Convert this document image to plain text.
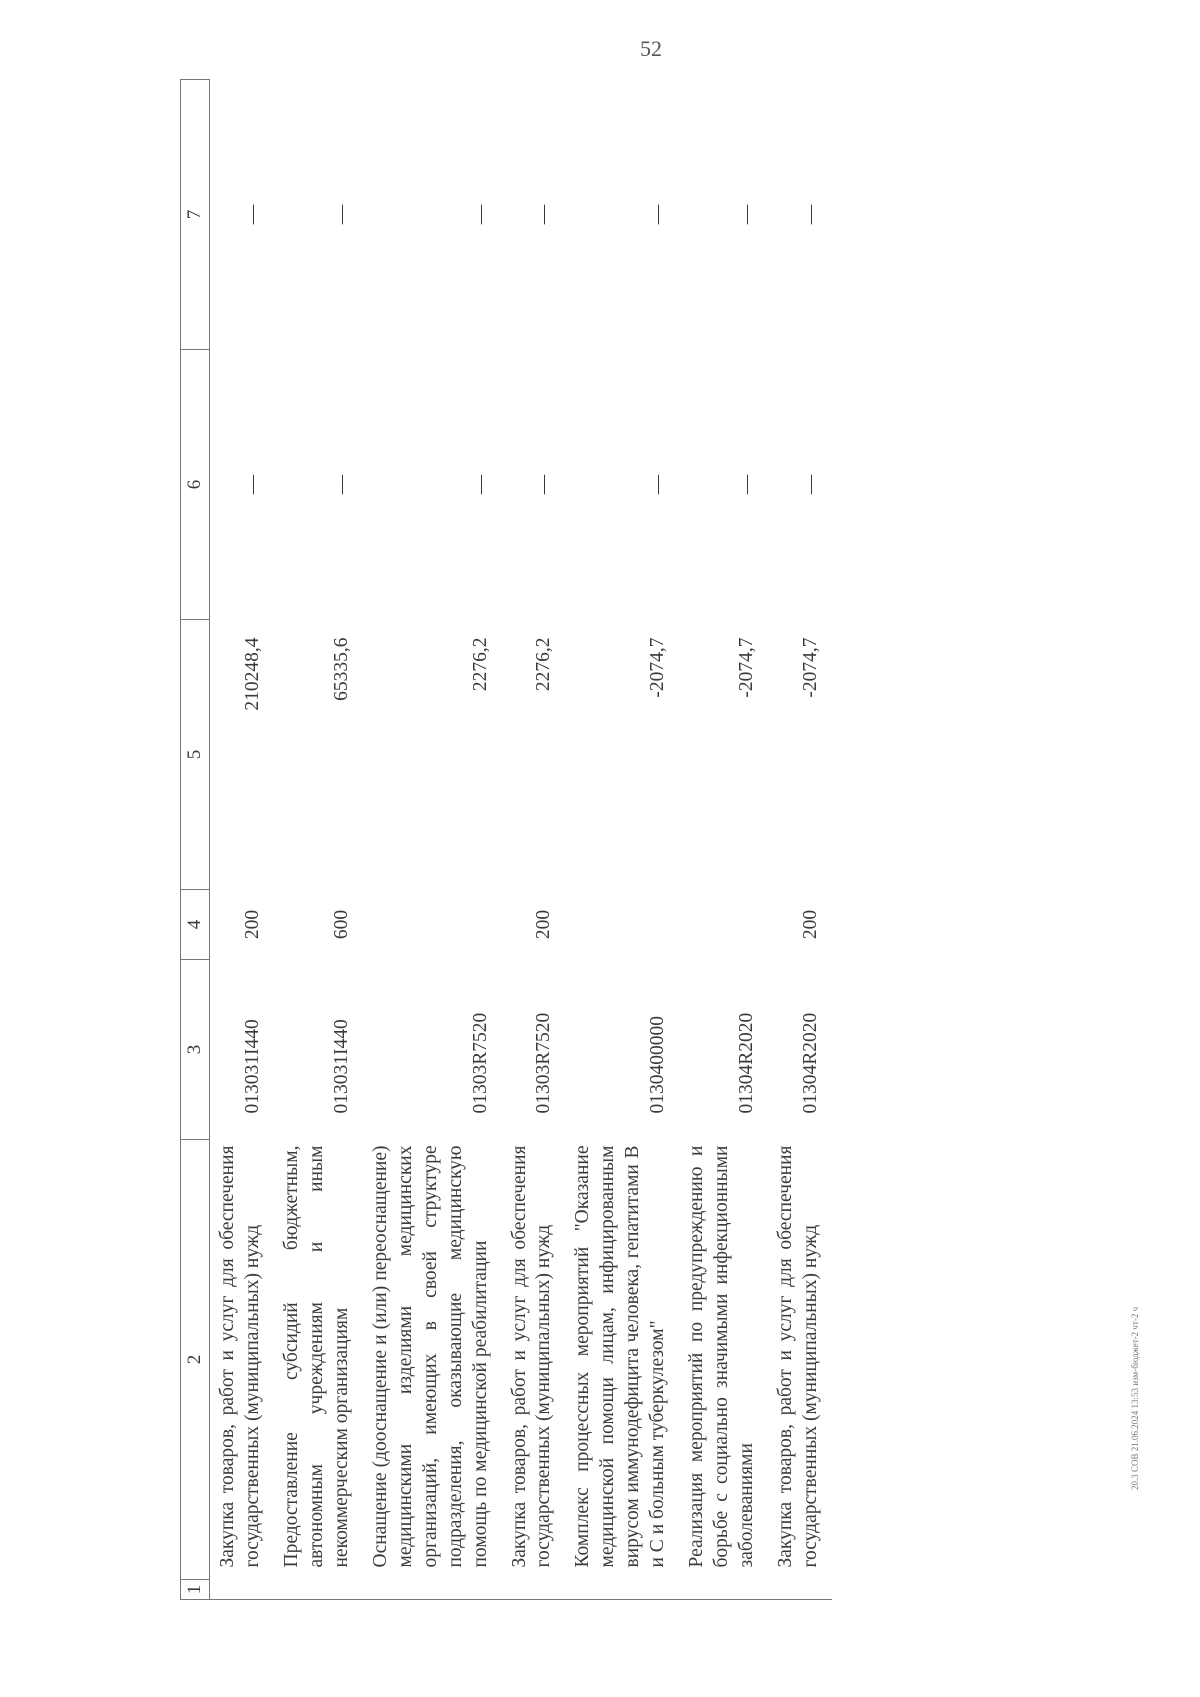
52
20.3 СОВ 21.06.2024 13:53 изм-бюджет-2 чт-2 ч
1	2	3	4	5	6	7
	Закупка товаров, работ и услуг для обеспечения государственных (муниципальных) нужд	013031I440	200	210248,4	—	—
	Предоставление субсидий бюджетным, автономным учреждениям и иным некоммерческим организациям	013031I440	600	65335,6	—	—
	Оснащение (дооснащение и (или) переоснащение) медицинскими изделиями медицинских организаций, имеющих в своей структуре подразделения, оказывающие медицинскую помощь по медицинской реабилитации	01303R7520		2276,2	—	—
	Закупка товаров, работ и услуг для обеспечения государственных (муниципальных) нужд	01303R7520	200	2276,2	—	—
	Комплекс процессных мероприятий "Оказание медицинской помощи лицам, инфицированным вирусом иммунодефицита человека, гепатитами B и C и больным туберкулезом"	0130400000		-2074,7	—	—
	Реализация мероприятий по предупреждению и борьбе с социально значимыми инфекционными заболеваниями	01304R2020		-2074,7	—	—
	Закупка товаров, работ и услуг для обеспечения государственных (муниципальных) нужд	01304R2020	200	-2074,7	—	—
